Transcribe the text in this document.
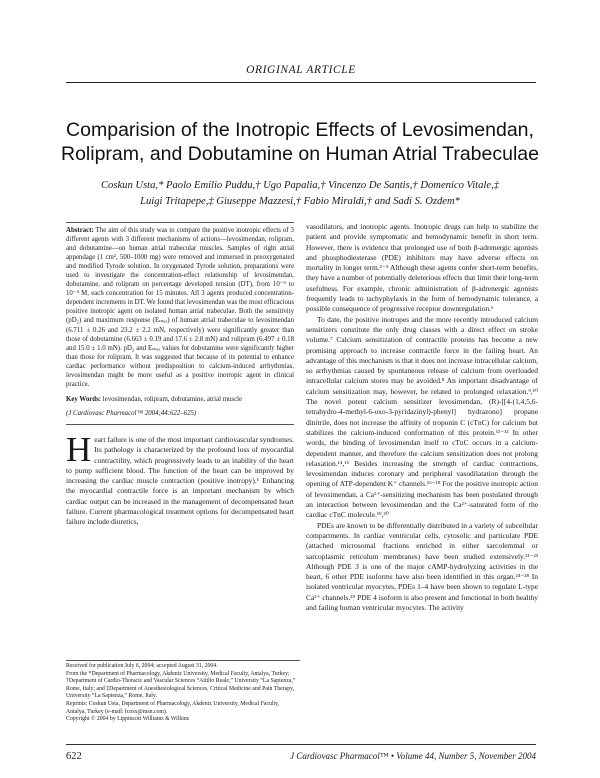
ORIGINAL ARTICLE
Comparision of the Inotropic Effects of Levosimendan,
Rolipram, and Dobutamine on Human Atrial Trabeculae

Coskun Usta,* Paolo Emilio Puddu,† Ugo Papalia,† Vincenzo De Santis,† Domenico Vitale,‡
Luigi Tritapepe,‡ Giuseppe Mazzesi,† Fabio Miraldi,† and Sadi S. Ozdem*

Abstract: The aim of this study was to compare the positive inotropic effects of 3 different agents with 3 different mechanisms of actions—levosimendan, rolipram, and dobutamine—on human atrial trabecular muscles. Samples of right atrial appendage (1 cm², 500–1000 mg) were removed and immersed in preoxygenated and modified Tyrode solution. In oxygenated Tyrode solution, preparations were used to investigate the concentration-effect relationship of levosimendan, dobutamine, and rolipram on percentage developed tension (DT), from 10⁻⁹ to 10⁻⁴ M, each concentration for 15 minutes. All 3 agents produced concentration-dependent increments in DT. We found that levosimendan was the most efficacious positive inotropic agent on isolated human atrial trabeculae. Both the sensitivity (pD₂) and maximum response (Eₘₐₓ) of human atrial trabeculae to levosimendan (6.711 ± 0.26 and 23.2 ± 2.2 mN, respectively) were significantly greater than those of dobutamine (6.663 ± 0.19 and 17.6 ± 2.8 mN) and rolipram (6.497 ± 0.18 and 15.0 ± 1.0 mN). pD₂ and Eₘₐₓ values for dobutamine were significantly higher than those for rolipram. It was suggested that because of its potential to enhance cardiac performance without predisposition to calcium-induced arrhythmias, levosimendan might be more useful as a positive inotropic agent in clinical practice.

Key Words: levosimendan, rolipram, dobutamine, atrial muscle

(J Cardiovasc Pharmacol™ 2004;44:622–625)

Heart failure is one of the most important cardiovascular syndromes. Its pathology is characterized by the profound loss of myocardial contractility, which progressively leads to an inability of the heart to pump sufficient blood. The function of the heart can be improved by increasing the cardiac muscle contraction (positive inotropy).¹ Enhancing the myocardial contractile force is an important mechanism by which cardiac output can be increased in the management of decompensated heart failure. Current pharmacological treatment options for decompensated heart failure include diuretics,

Received for publication July 6, 2004; accepted August 31, 2004.

From the *Department of Pharmacology, Akdeniz University, Medical Faculty, Antalya, Turkey; †Department of Cardio-Thoracic and Vascular Sciences “Attilio Reale,” University “La Sapienza,” Rome, Italy; and ‡Department of Anesthesiological Sciences, Critical Medicine and Pain Therapy, University “La Sapienza,” Rome, Italy.

Reprints: Coskun Usta, Department of Pharmacology, Akdeniz University, Medical Faculty, Antalya, Turkey (e-mail: fcosx@msn.com).

Copyright © 2004 by Lippincott Williams & Wilkins

vasodilators, and inotropic agents. Inotropic drugs can help to stabilize the patient and provide symptomatic and hemodynamic benefit in short term. However, there is evidence that prolonged use of both β-adrenergic agonists and phosphodiesterase (PDE) inhibitors may have adverse effects on mortality in longer term.²⁻⁵ Although these agents confer short-term benefits, they have a number of potentially deleterious effects that limit their long-term usefulness. For example, chronic administration of β-adrenergic agonists frequently leads to tachyphylaxis in the form of hemodynamic tolerance, a possible consequence of progressive receptor downregulation.⁶

To date, the positive inotropes and the more recently introduced calcium sensitizers constitute the only drug classes with a direct effect on stroke volume.⁷ Calcium sensitization of contractile proteins has become a new promising approach to increase contractile force in the failing heart. An advantage of this mechanism is that it does not increase intracellular calcium, so arrhythmias caused by spontaneous release of calcium from overloaded intracellular calcium stores may be avoided.⁸ An important disadvantage of calcium sensitization may, however, be related to prolonged relaxation.⁹,¹⁰ The novel potent calcium sensitizer levosimendan, (R)-[[4-(1,4,5,6-tetrahydro-4-methyl-6-oxo-3-pyridazinyl)-phenyl] hydrazono] propane dinitrile, does not increase the affinity of troponin C (cTnC) for calcium but stabilizes the calcium-induced conformation of this protein.¹¹⁻¹³ In other words, the binding of levosimendan itself to cTnC occurs in a calcium-dependent manner, and therefore the calcium sensitization does not prolong relaxation.¹⁴,¹⁵ Besides increasing the strength of cardiac contractions, levosimendan induces coronary and peripheral vasodilatation through the opening of ATP-dependent K⁺ channels.¹⁶⁻¹⁸ For the positive inotropic action of levosimendan, a Ca²⁺-sensitizing mechanism has been postulated through an interaction between levosimendan and the Ca²⁺-saturated form of the cardiac cTnC molecule.¹⁹,²⁰

PDEs are known to be differentially distributed in a variety of subcellular compartments. In cardiac ventricular cells, cytosolic and particulate PDE (attached microsomal fractions enriched in either sarcolemmal or sarcoplasmic reticulum membranes) have been studied extensively.²¹⁻²³ Although PDE 3 is one of the major cAMP-hydrolyzing activities in the heart, 6 other PDE isoforms have also been identified in this organ.²⁴⁻²⁸ In isolated ventricular myocytes, PDEs 1–4 have been shown to regulate L-type Ca²⁺ channels.²⁹ PDE 4 isoform is also present and functional in both healthy and failing human ventricular myocytes. The activity

622	J Cardiovasc Pharmacol™ • Volume 44, Number 5, November 2004
